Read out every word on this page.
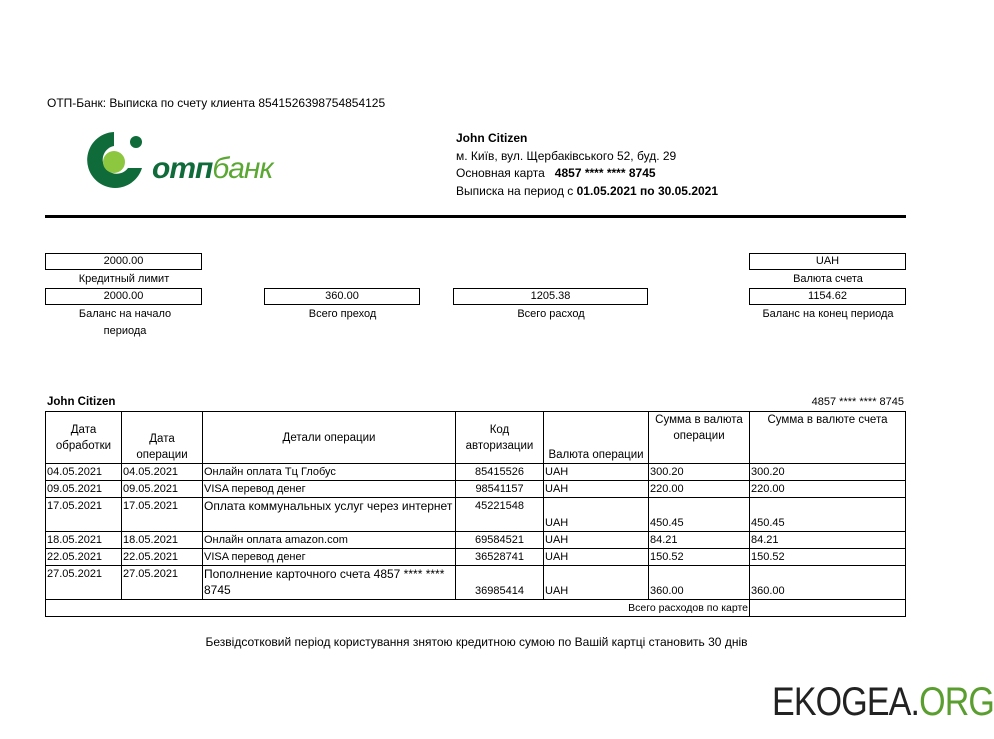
ОТП-Банк: Выписка по счету клиента 8541526398754854125
отпбанк
John Citizen
м. Київ, вул. Щербаківського 52, буд. 29
Основная карта 4857 **** **** 8745
Выписка на период с 01.05.2021 по 30.05.2021
2000.00
Кредитный лимит
UAH
Валюта счета
2000.00
Баланс на начало периода
360.00
Всего преход
1205.38
Всего расход
1154.62
Баланс на конец периода
John Citizen	4857 **** **** 8745
Дата обработки	Дата операции	Детали операции	Код авторизации	Валюта операции	Сумма в валюта операции	Сумма в валюте счета
04.05.2021	04.05.2021	Онлайн оплата Тц Глобус	85415526	UAH	300.20	300.20
09.05.2021	09.05.2021	VISA перевод денег	98541157	UAH	220.00	220.00
17.05.2021	17.05.2021	Оплата коммунальных услуг через интернет	45221548	UAH	450.45	450.45
18.05.2021	18.05.2021	Онлайн оплата amazon.com	69584521	UAH	84.21	84.21
22.05.2021	22.05.2021	VISA перевод денег	36528741	UAH	150.52	150.52
27.05.2021	27.05.2021	Пополнение карточного счета 4857 **** **** 8745	36985414	UAH	360.00	360.00
Всего расходов по карте						
Безвідсотковий період користування знятою кредитною сумою по Вашій картці становить 30 днів
EKOGEA.ORG
